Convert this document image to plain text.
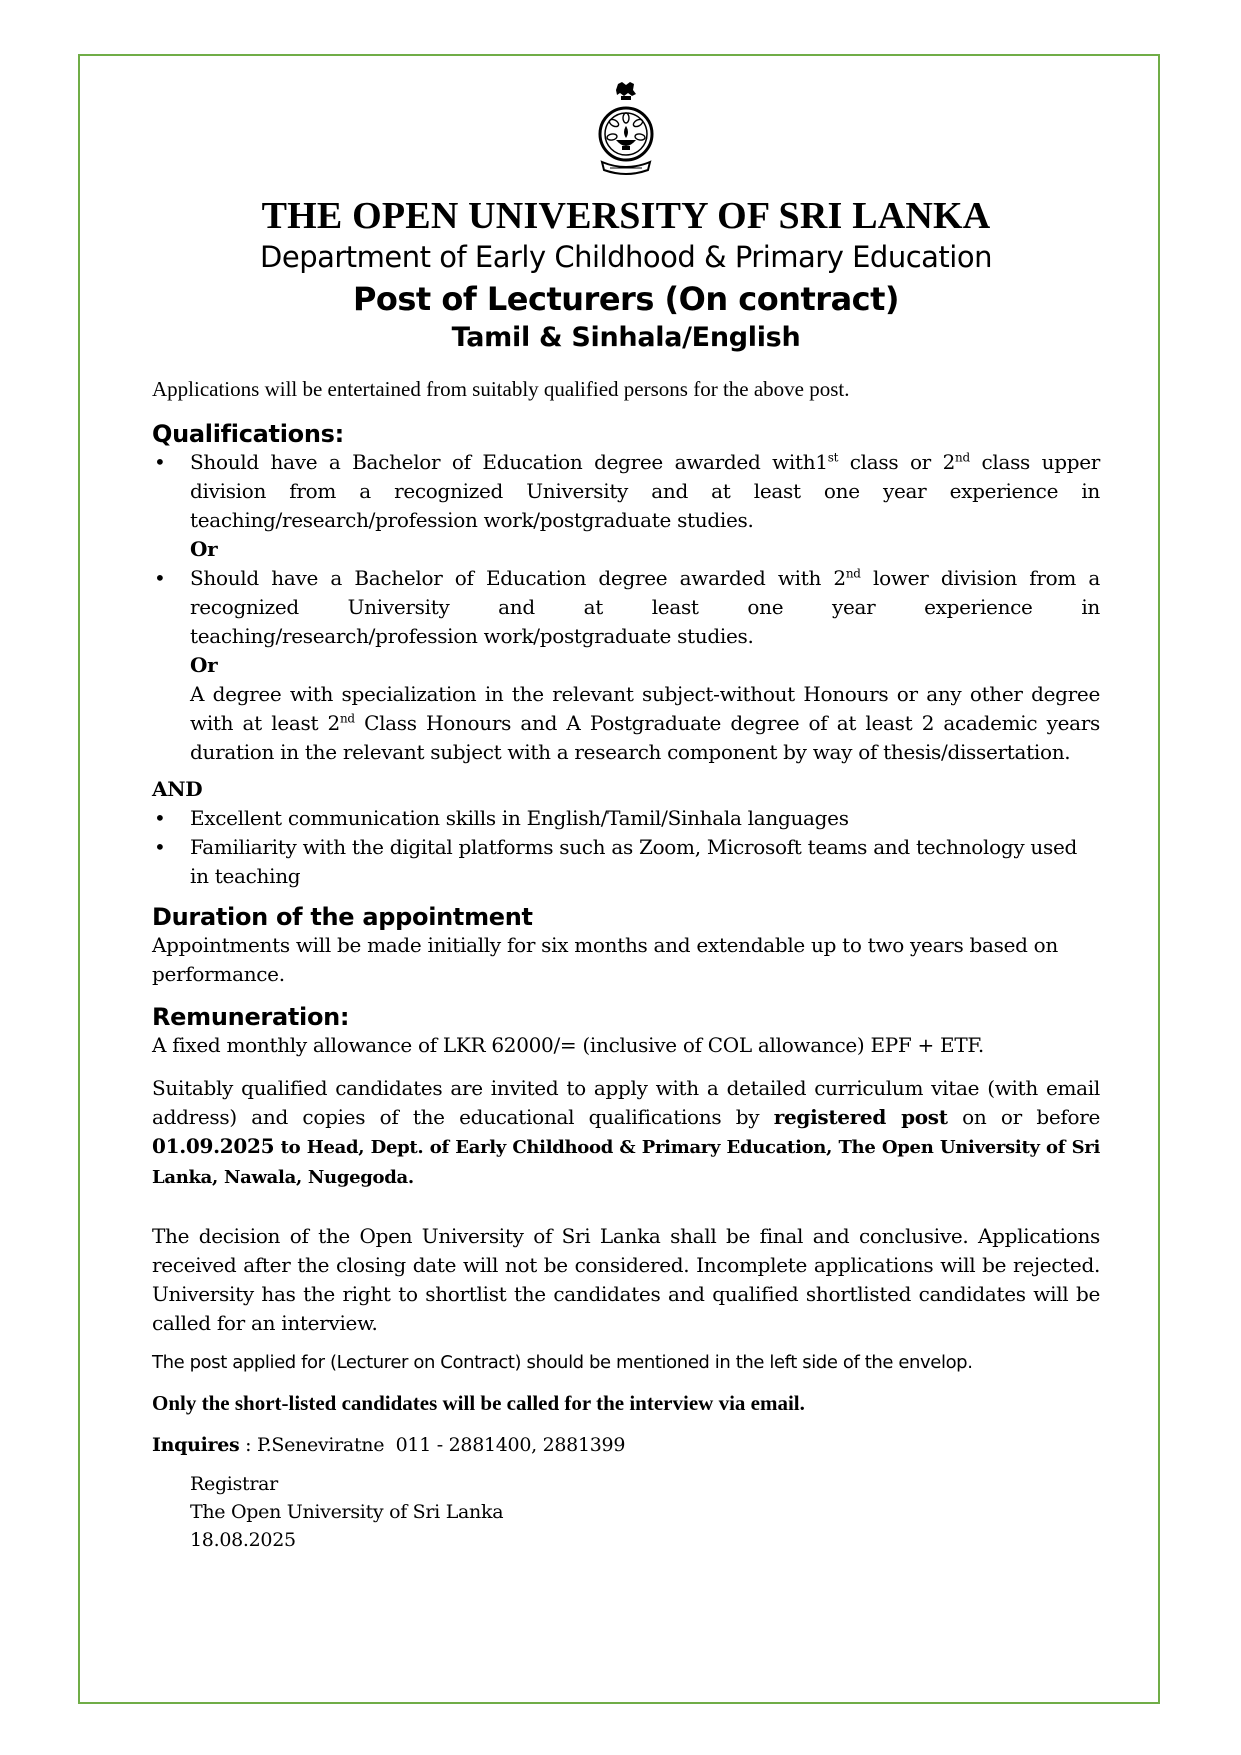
THE OPEN UNIVERSITY OF SRI LANKA
Department of Early Childhood & Primary Education
Post of Lecturers (On contract)
Tamil & Sinhala/English
Applications will be entertained from suitably qualified persons for the above post.
Qualifications:
• Should have a Bachelor of Education degree awarded with1st class or 2nd class upper division from a recognized University and at least one year experience in teaching/research/profession work/postgraduate studies.
Or
• Should have a Bachelor of Education degree awarded with 2nd lower division from a recognized University and at least one year experience in
teaching/research/profession work/postgraduate studies.
Or
A degree with specialization in the relevant subject-without Honours or any other degree with at least 2nd Class Honours and A Postgraduate degree of at least 2 academic years duration in the relevant subject with a research component by way of thesis/dissertation.
AND
• Excellent communication skills in English/Tamil/Sinhala languages
• Familiarity with the digital platforms such as Zoom, Microsoft teams and technology used in teaching
Duration of the appointment
Appointments will be made initially for six months and extendable up to two years based on performance.
Remuneration:
A fixed monthly allowance of LKR 62000/= (inclusive of COL allowance) EPF + ETF.
Suitably qualified candidates are invited to apply with a detailed curriculum vitae (with email address) and copies of the educational qualifications by registered post on or before 01.09.2025 to Head, Dept. of Early Childhood & Primary Education, The Open University of Sri Lanka, Nawala, Nugegoda.
The decision of the Open University of Sri Lanka shall be final and conclusive. Applications received after the closing date will not be considered. Incomplete applications will be rejected. University has the right to shortlist the candidates and qualified shortlisted candidates will be called for an interview.
The post applied for (Lecturer on Contract) should be mentioned in the left side of the envelop.
Only the short-listed candidates will be called for the interview via email.
Inquires : P.Seneviratne  011 - 2881400, 2881399
Registrar
The Open University of Sri Lanka
18.08.2025
